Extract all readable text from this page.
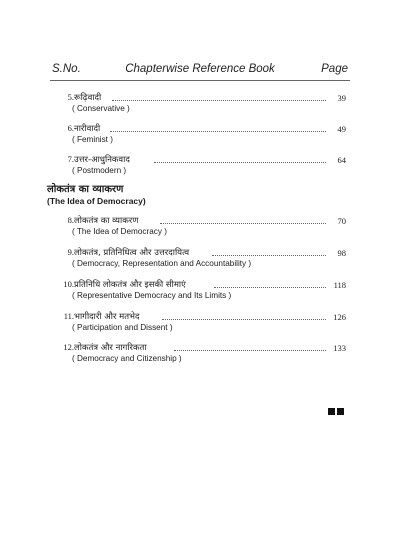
S.No.	Chapterwise Reference Book	Page
5. रूढ़िवादी	39
( Conservative )
6. नारीवादी	49
( Feminist )
7. उत्तर-आधुनिकवाद	64
( Postmodern )
लोकतंत्र का व्याकरण
(The Idea of Democracy)
8. लोकतंत्र का व्याकरण	70
( The Idea of Democracy )
9. लोकतंत्र, प्रतिनिधित्व और उत्तरदायित्व	98
( Democracy, Representation and Accountability )
10. प्रतिनिधि लोकतंत्र और इसकी सीमाएं	118
( Representative Democracy and Its Limits )
11. भागीदारी और मतभेद	126
( Participation and Dissent )
12. लोकतंत्र और नागरिकता	133
( Democracy and Citizenship )
